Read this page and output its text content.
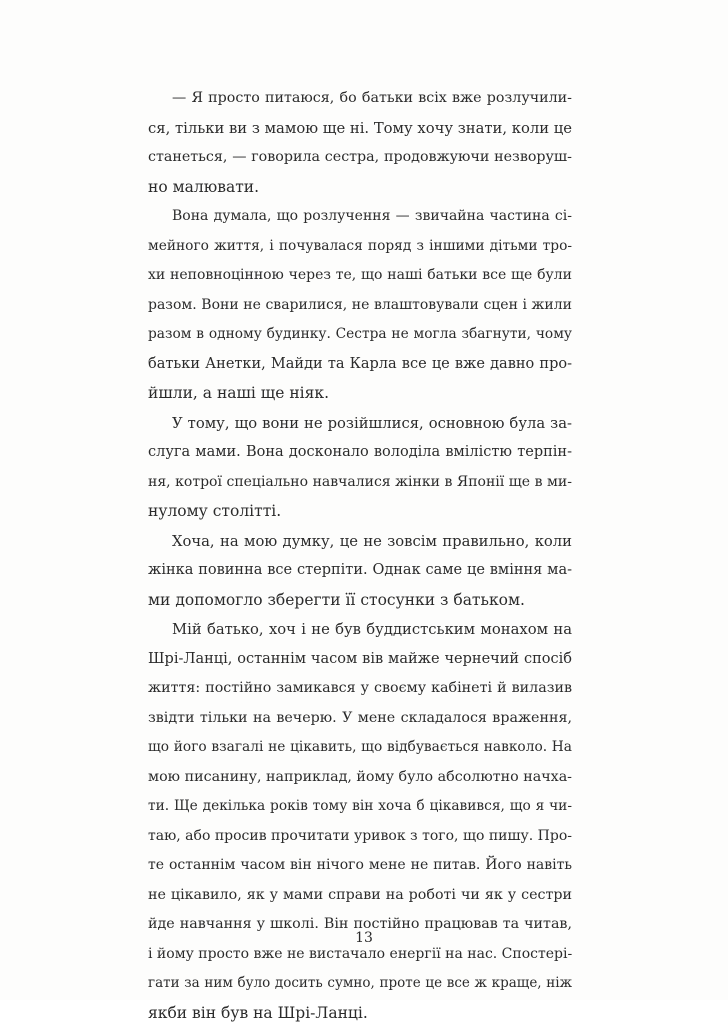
— Я просто питаюся, бо батьки всіх вже розлучили-
ся, тільки ви з мамою ще ні. Тому хочу знати, коли це
станеться, — говорила сестра, продовжуючи незворуш-
но малювати.
Вона думала, що розлучення — звичайна частина сі-
мейного життя, і почувалася поряд з іншими дітьми тро-
хи неповноцінною через те, що наші батьки все ще були
разом. Вони не сварилися, не влаштовували сцен і жили
разом в одному будинку. Сестра не могла збагнути, чому
батьки Анетки, Майди та Карла все це вже давно про-
йшли, а наші ще ніяк.
У тому, що вони не розійшлися, основною була за-
слуга мами. Вона досконало володіла вмілістю терпін-
ня, котрої спеціально навчалися жінки в Японії ще в ми-
нулому столітті.
Хоча, на мою думку, це не зовсім правильно, коли
жінка повинна все стерпіти. Однак саме це вміння ма-
ми допомогло зберегти її стосунки з батьком.
Мій батько, хоч і не був буддистським монахом на
Шрі-Ланці, останнім часом вів майже чернечий спосіб
життя: постійно замикався у своєму кабінеті й вилазив
звідти тільки на вечерю. У мене складалося враження,
що його взагалі не цікавить, що відбувається навколо. На
мою писанину, наприклад, йому було абсолютно начха-
ти. Ще декілька років тому він хоча б цікавився, що я чи-
таю, або просив прочитати уривок з того, що пишу. Про-
те останнім часом він нічого мене не питав. Його навіть
не цікавило, як у мами справи на роботі чи як у сестри
йде навчання у школі. Він постійно працював та читав,
і йому просто вже не вистачало енергії на нас. Спостері-
гати за ним було досить сумно, проте це все ж краще, ніж
якби він був на Шрі-Ланці.
13
